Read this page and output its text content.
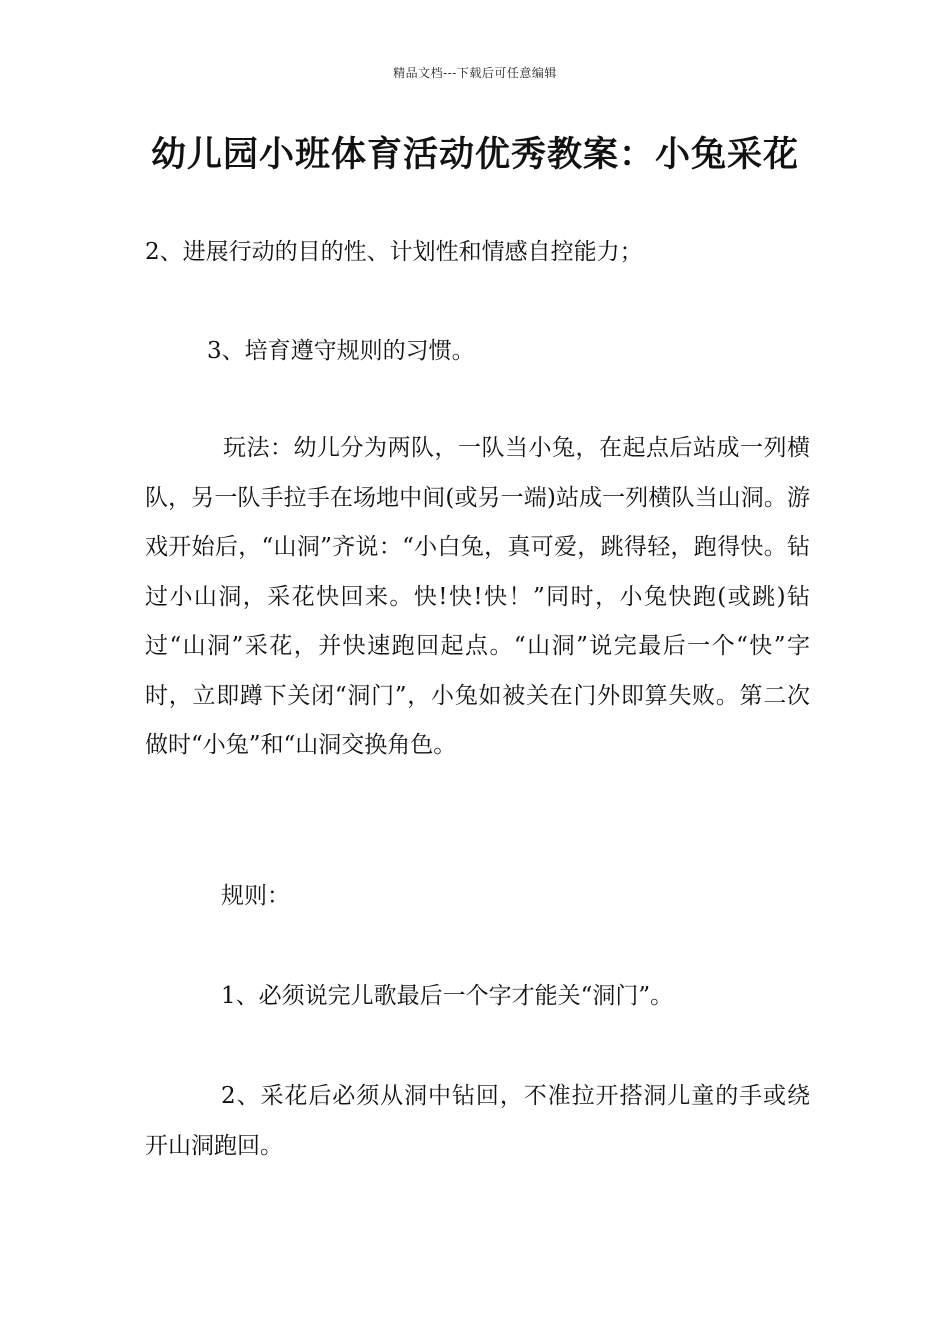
精品文档---下载后可任意编辑
幼儿园小班体育活动优秀教案：小兔采花

2、进展行动的目的性、计划性和情感自控能力；

3、培育遵守规则的习惯。

玩法：幼儿分为两队，一队当小兔，在起点后站成一列横队，另一队手拉手在场地中间(或另一端)站成一列横队当山洞。游戏开始后，“山洞”齐说：“小白兔，真可爱，跳得轻，跑得快。钻过小山洞，采花快回来。快!快!快！”同时，小兔快跑(或跳)钻过“山洞”采花，并快速跑回起点。“山洞”说完最后一个“快”字时，立即蹲下关闭“洞门”，小兔如被关在门外即算失败。第二次做时“小兔”和“山洞交换角色。

规则：

1、必须说完儿歌最后一个字才能关“洞门”。

2、采花后必须从洞中钻回，不准拉开搭洞儿童的手或绕开山洞跑回。
